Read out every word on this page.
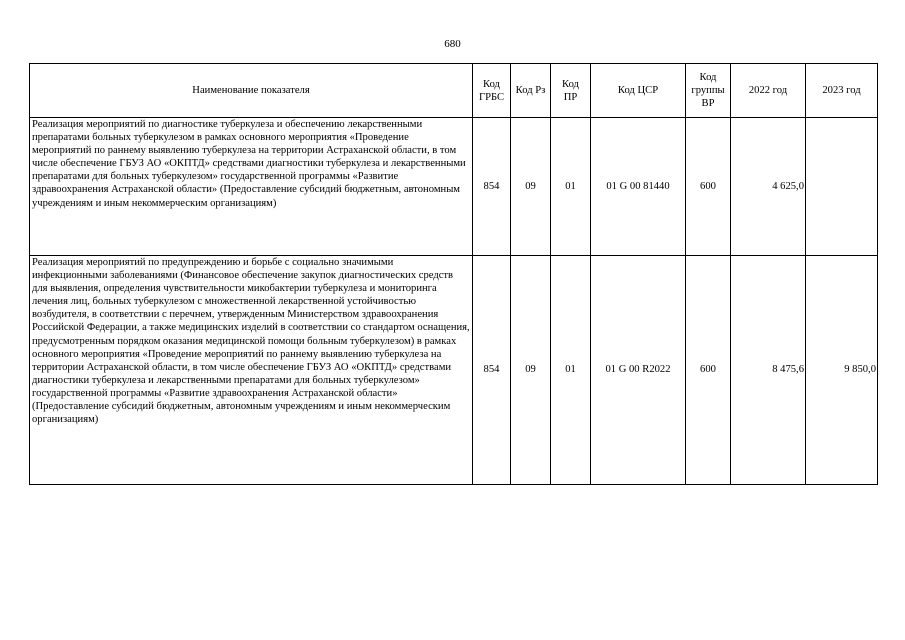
680
Наименование показателя	Код ГРБС	Код Рз	Код ПР	Код ЦСР	Код группы ВР	2022 год	2023 год
Реализация мероприятий по диагностике туберкулеза и обеспечению лекарственными препаратами больных туберкулезом в рамках основного мероприятия «Проведение мероприятий по раннему выявлению туберкулеза на территории Астраханской области, в том числе обеспечение ГБУЗ АО «ОКПТД» средствами диагностики туберкулеза и лекарственными препаратами для больных туберкулезом» государственной программы «Развитие здравоохранения Астраханской области» (Предоставление субсидий бюджетным, автономным учреждениям и иным некоммерческим организациям)	854	09	01	01 G 00 81440	600	4 625,0	
Реализация мероприятий по предупреждению и борьбе с социально значимыми инфекционными заболеваниями (Финансовое обеспечение закупок диагностических средств для выявления, определения чувствительности микобактерии туберкулеза и мониторинга лечения лиц, больных туберкулезом с множественной лекарственной устойчивостью возбудителя, в соответствии с перечнем, утвержденным Министерством здравоохранения Российской Федерации, а также медицинских изделий в соответствии со стандартом оснащения, предусмотренным порядком оказания медицинской помощи больным туберкулезом) в рамках основного мероприятия «Проведение мероприятий по раннему выявлению туберкулеза на территории Астраханской области, в том числе обеспечение ГБУЗ АО «ОКПТД» средствами диагностики туберкулеза и лекарственными препаратами для больных туберкулезом» государственной программы «Развитие здравоохранения Астраханской области» (Предоставление субсидий бюджетным, автономным учреждениям и иным некоммерческим организациям)	854	09	01	01 G 00 R2022	600	8 475,6	9 850,0
